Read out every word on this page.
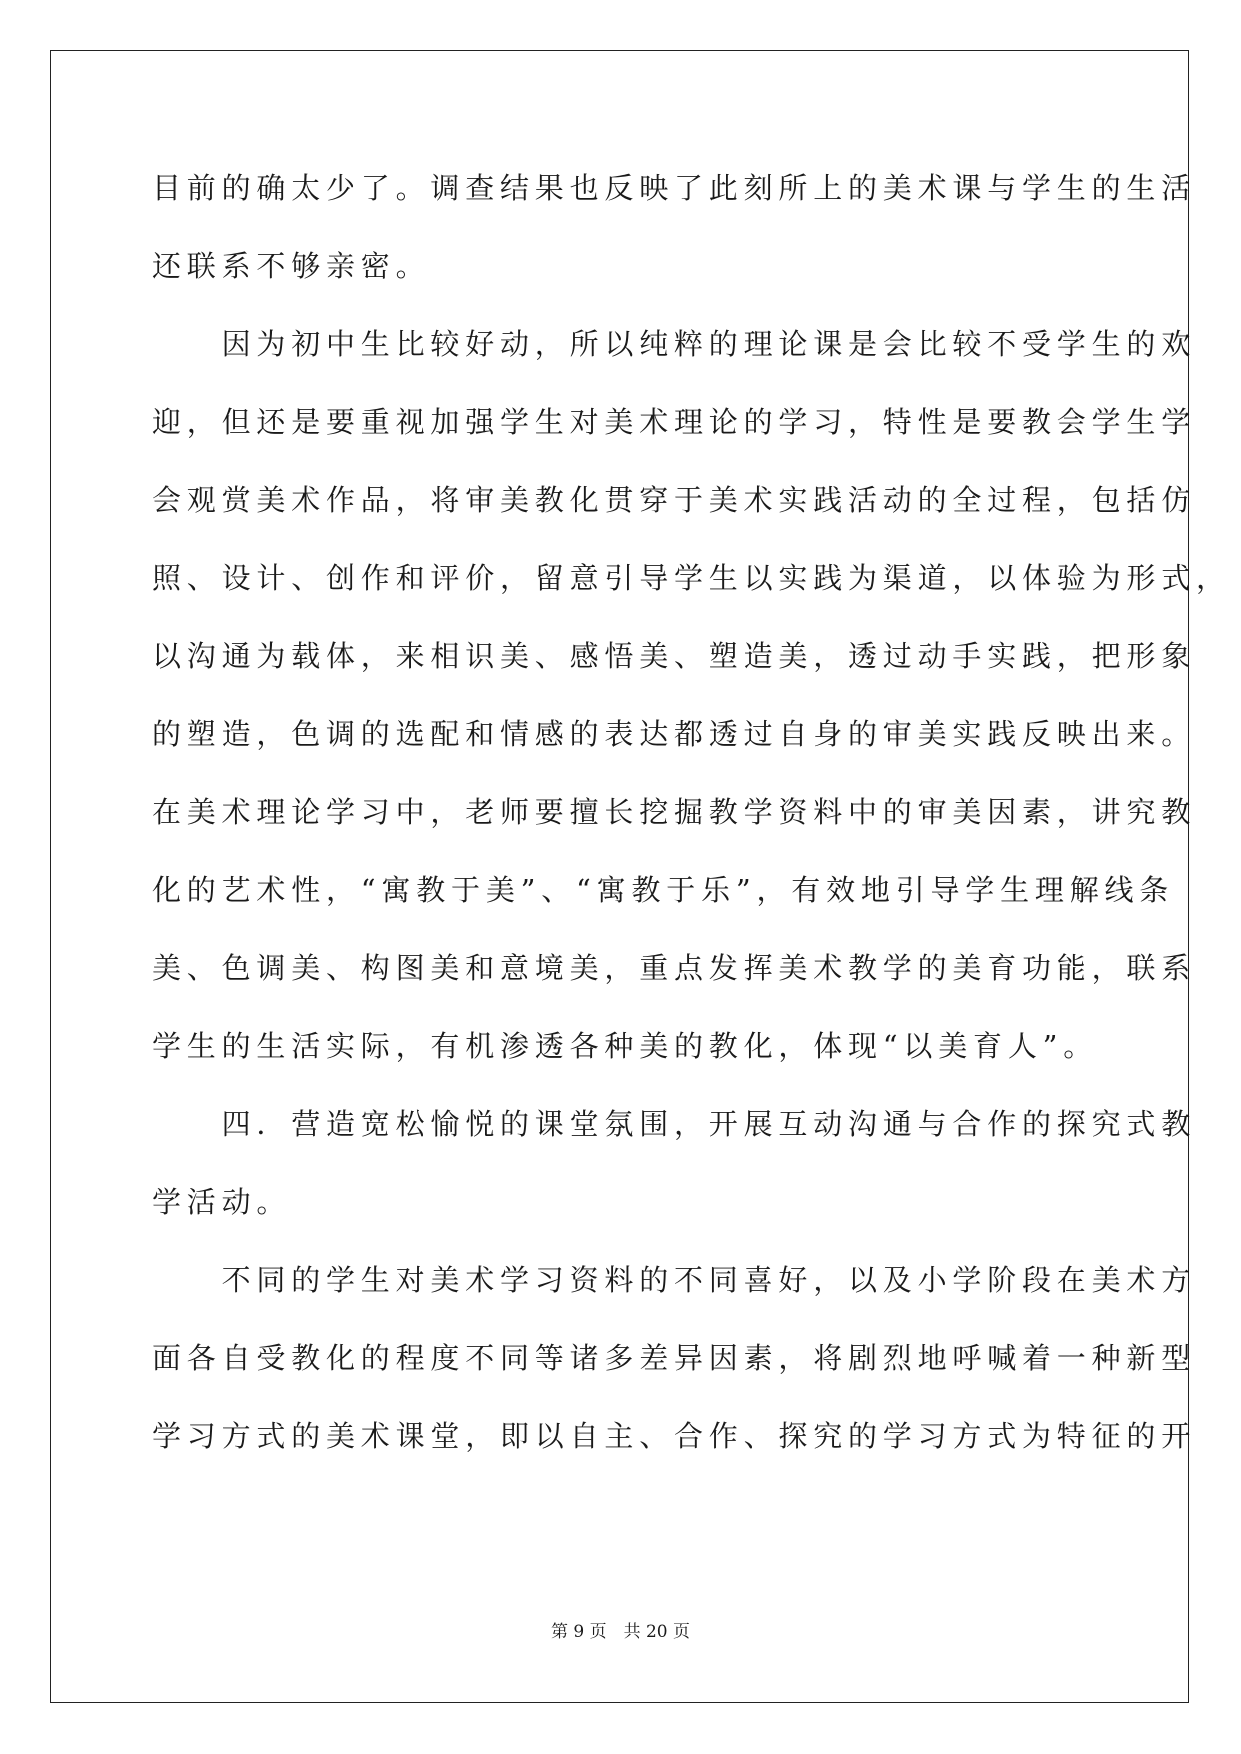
目前的确太少了。调查结果也反映了此刻所上的美术课与学生的生活
还联系不够亲密。
　　因为初中生比较好动，所以纯粹的理论课是会比较不受学生的欢
迎，但还是要重视加强学生对美术理论的学习，特性是要教会学生学
会观赏美术作品，将审美教化贯穿于美术实践活动的全过程，包括仿
照、设计、创作和评价，留意引导学生以实践为渠道，以体验为形式，
以沟通为载体，来相识美、感悟美、塑造美，透过动手实践，把形象
的塑造，色调的选配和情感的表达都透过自身的审美实践反映出来。
在美术理论学习中，老师要擅长挖掘教学资料中的审美因素，讲究教
化的艺术性，“寓教于美”、“寓教于乐”，有效地引导学生理解线条
美、色调美、构图美和意境美，重点发挥美术教学的美育功能，联系
学生的生活实际，有机渗透各种美的教化，体现“以美育人”。
　　四．营造宽松愉悦的课堂氛围，开展互动沟通与合作的探究式教
学活动。
　　不同的学生对美术学习资料的不同喜好，以及小学阶段在美术方
面各自受教化的程度不同等诸多差异因素，将剧烈地呼喊着一种新型
学习方式的美术课堂，即以自主、合作、探究的学习方式为特征的开
第 9 页　共 20 页
